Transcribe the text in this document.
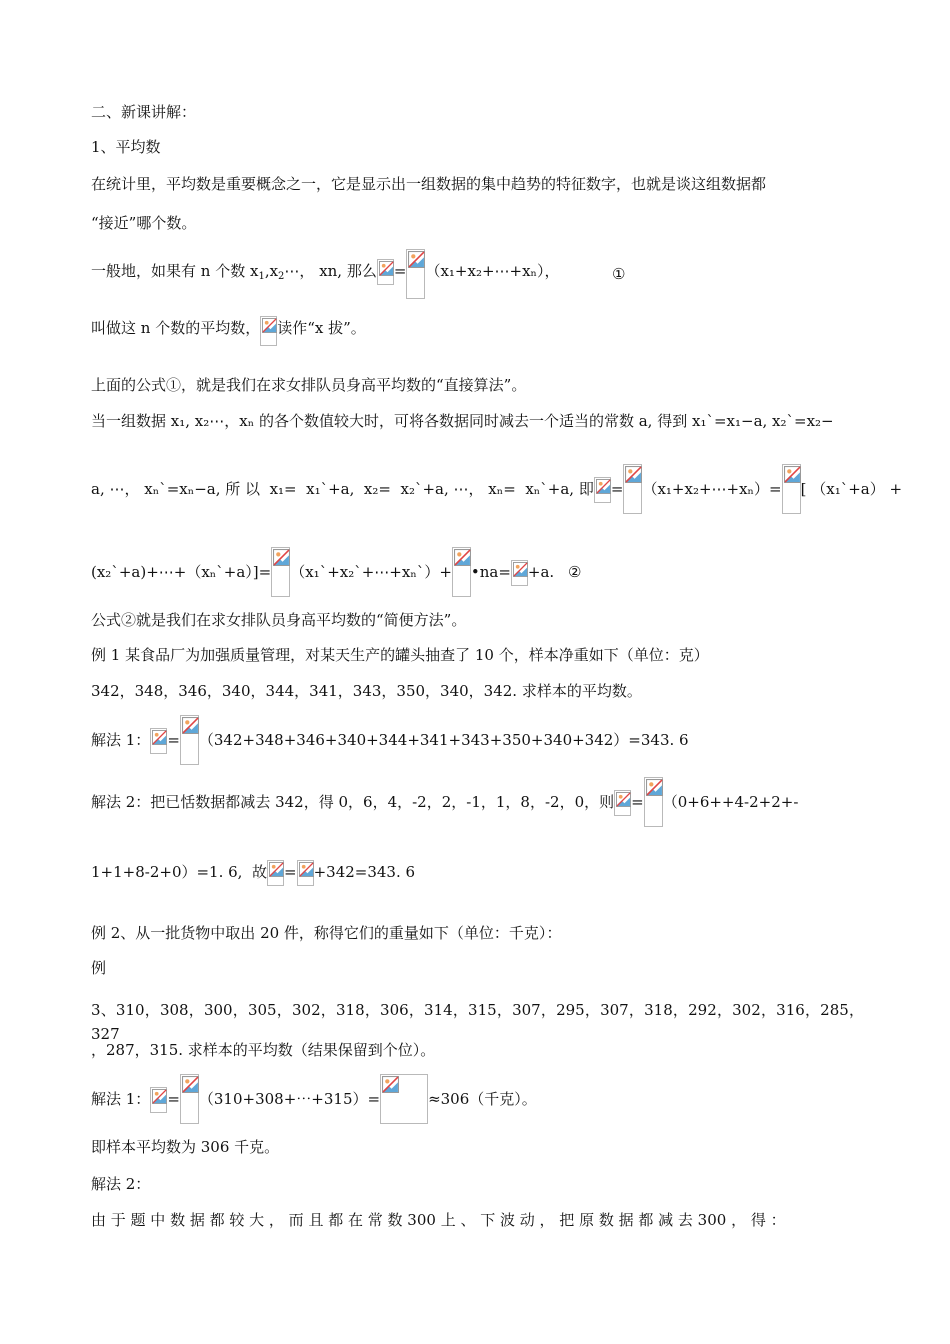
二、新课讲解：
1、平均数
在统计里，平均数是重要概念之一，它是显示出一组数据的集中趋势的特征数字，也就是谈这组数据都
“接近”哪个数。
一般地，如果有 n 个数 $x_1,x_2\cdots$， xn, 那么 = （x₁+x₂+⋯+xₙ），	①
叫做这 n 个数的平均数， 读作“x 拔”。
上面的公式①，就是我们在求女排队员身高平均数的“直接算法”。
当一组数据 x₁, x₂⋯，xₙ 的各个数值较大时，可将各数据同时减去一个适当的常数 a, 得到 x₁`=x₁−a, x₂`=x₂−
a, ⋯， xₙ`=xₙ−a, 所 以  x₁=  x₁`+a,  x₂=  x₂`+a, ⋯， xₙ=  xₙ`+a, 即 = （x₁+x₂+⋯+xₙ）= [ （x₁`+a） +
(x₂`+a)+⋯+（xₙ`+a）]= （x₁`+x₂`+⋯+xₙ`）+ •na= +a. ②
公式②就是我们在求女排队员身高平均数的“简便方法”。
例 1 某食品厂为加强质量管理，对某天生产的罐头抽查了 10 个，样本净重如下（单位：克）
342，348，346，340，344，341，343，350，340，342. 求样本的平均数。
解法 1： = （342+348+346+340+344+341+343+350+340+342）=343. 6
解法 2：把已恬数据都减去 342，得 0，6，4，-2，2，-1，1，8，-2，0，则 = （0+6++4-2+2+-
1+1+8-2+0）=1. 6,  故 = +342=343. 6
例 2、从一批货物中取出 20 件，称得它们的重量如下（单位：千克）：
例
3、310，308，300，305，302，318，306，314，315，307，295，307，318，292，302，316，285，327
，287，315. 求样本的平均数（结果保留到个位）。
解法 1： = （310+308+⋯+315）=	≈306（千克）。
即样本平均数为 306 千克。
解法 2：
由 于 题 中 数 据 都 较 大 ， 而 且 都 在 常 数 300 上 、 下 波 动 ， 把 原 数 据 都 减 去 300 ， 得 ：
